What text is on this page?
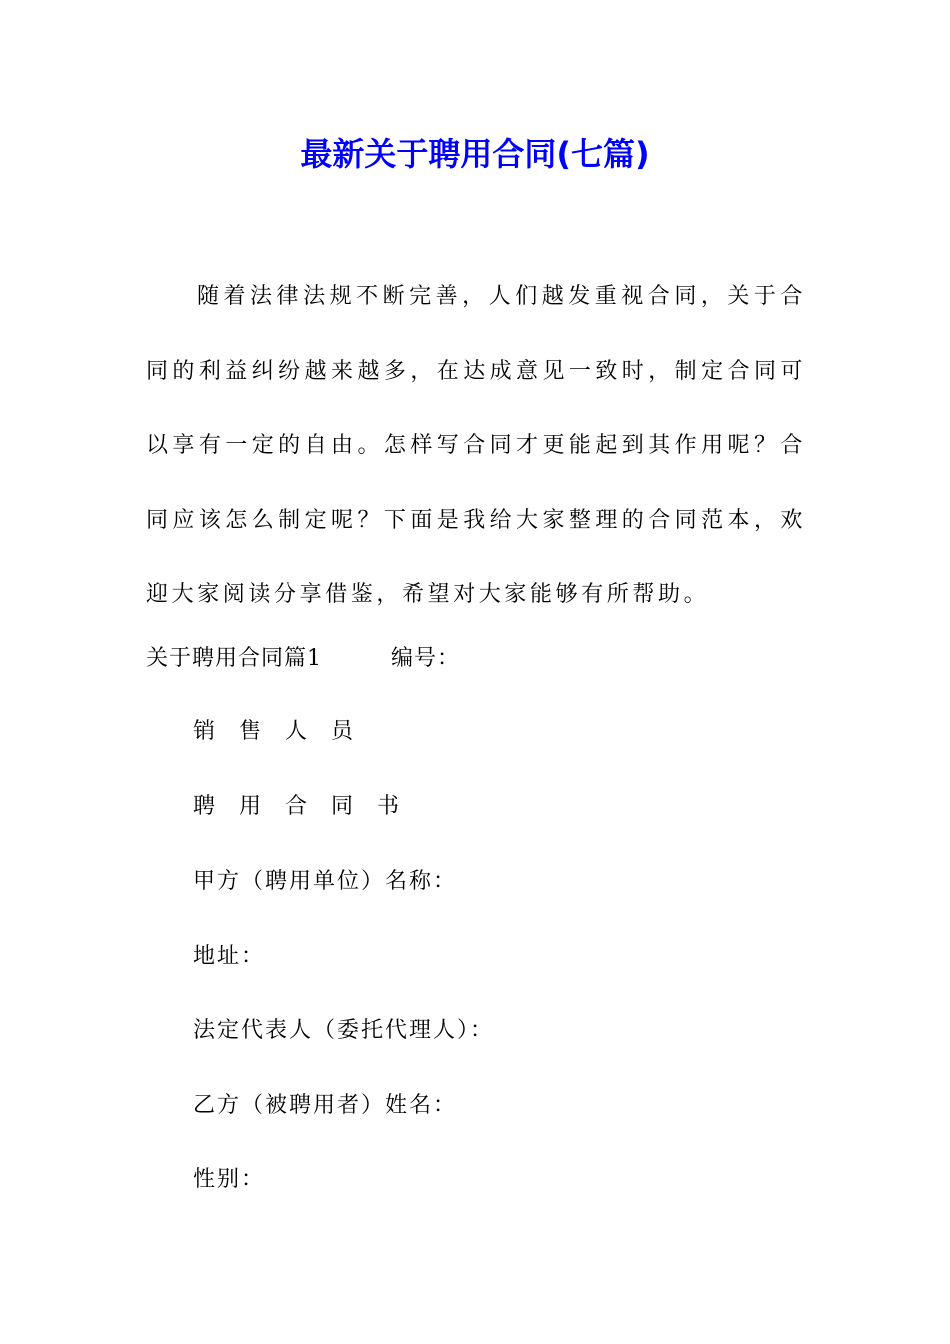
最新关于聘用合同(七篇)

随着法律法规不断完善，人们越发重视合同，关于合同的利益纠纷越来越多，在达成意见一致时，制定合同可以享有一定的自由。怎样写合同才更能起到其作用呢？合同应该怎么制定呢？下面是我给大家整理的合同范本，欢迎大家阅读分享借鉴，希望对大家能够有所帮助。

关于聘用合同篇1　　　编号：

销　售　人　员

聘　用　合　同　书

甲方（聘用单位）名称：

地址：

法定代表人（委托代理人）：

乙方（被聘用者）姓名：

性别：
